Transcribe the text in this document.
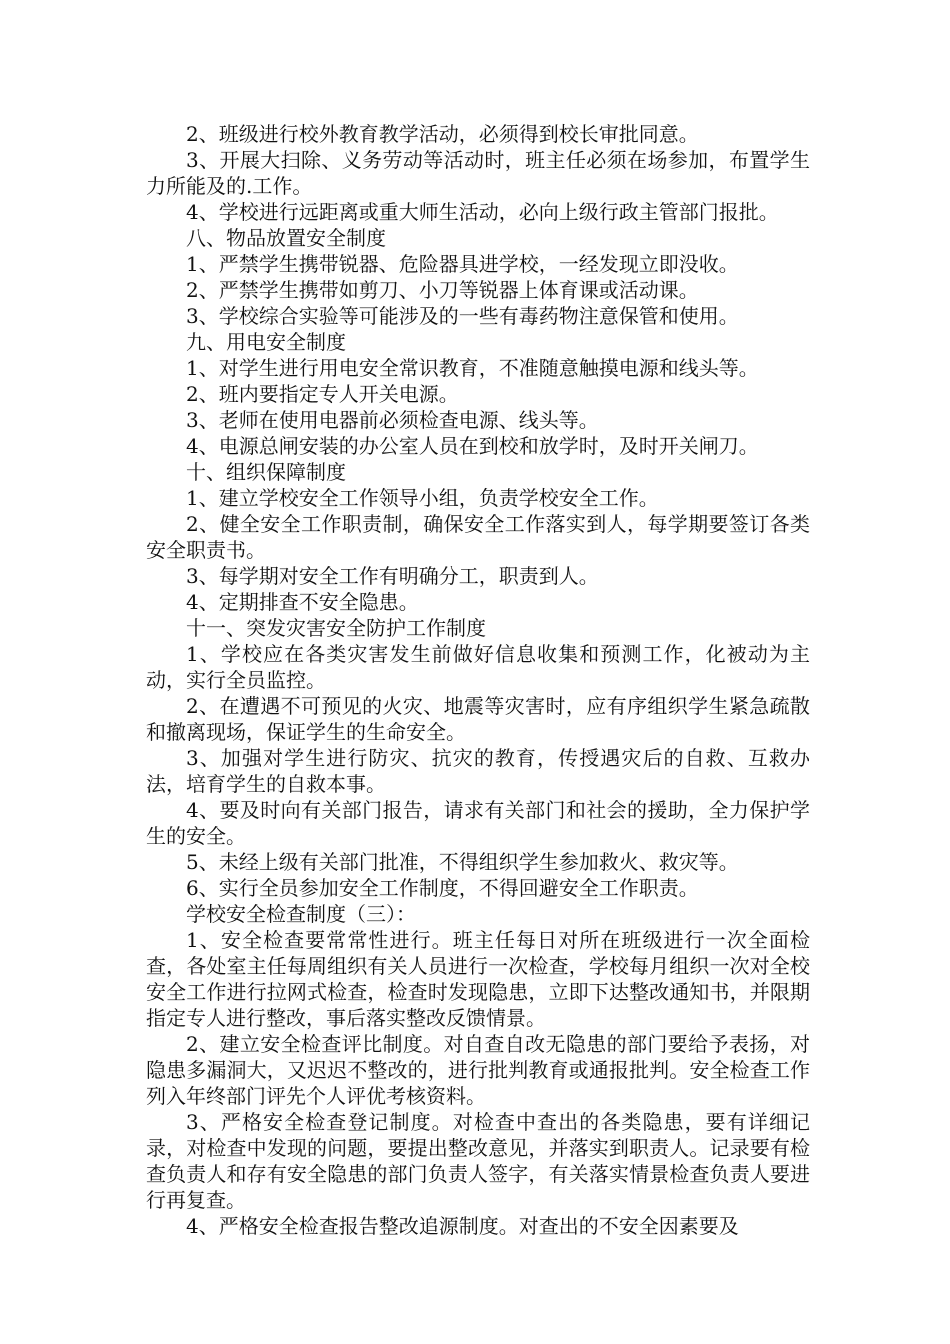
2、班级进行校外教育教学活动，必须得到校长审批同意。

3、开展大扫除、义务劳动等活动时，班主任必须在场参加，布置学生力所能及的.工作。

4、学校进行远距离或重大师生活动，必向上级行政主管部门报批。

八、物品放置安全制度

1、严禁学生携带锐器、危险器具进学校，一经发现立即没收。

2、严禁学生携带如剪刀、小刀等锐器上体育课或活动课。

3、学校综合实验等可能涉及的一些有毒药物注意保管和使用。

九、用电安全制度

1、对学生进行用电安全常识教育，不准随意触摸电源和线头等。

2、班内要指定专人开关电源。

3、老师在使用电器前必须检查电源、线头等。

4、电源总闸安装的办公室人员在到校和放学时，及时开关闸刀。

十、组织保障制度

1、建立学校安全工作领导小组，负责学校安全工作。

2、健全安全工作职责制，确保安全工作落实到人，每学期要签订各类安全职责书。

3、每学期对安全工作有明确分工，职责到人。

4、定期排查不安全隐患。

十一、突发灾害安全防护工作制度

1、学校应在各类灾害发生前做好信息收集和预测工作，化被动为主动，实行全员监控。

2、在遭遇不可预见的火灾、地震等灾害时，应有序组织学生紧急疏散和撤离现场，保证学生的生命安全。

3、加强对学生进行防灾、抗灾的教育，传授遇灾后的自救、互救办法，培育学生的自救本事。

4、要及时向有关部门报告，请求有关部门和社会的援助，全力保护学生的安全。

5、未经上级有关部门批准，不得组织学生参加救火、救灾等。

6、实行全员参加安全工作制度，不得回避安全工作职责。

学校安全检查制度（三）：

1、安全检查要常常性进行。班主任每日对所在班级进行一次全面检查，各处室主任每周组织有关人员进行一次检查，学校每月组织一次对全校安全工作进行拉网式检查，检查时发现隐患，立即下达整改通知书，并限期指定专人进行整改，事后落实整改反馈情景。

2、建立安全检查评比制度。对自查自改无隐患的部门要给予表扬，对隐患多漏洞大，又迟迟不整改的，进行批判教育或通报批判。安全检查工作列入年终部门评先个人评优考核资料。

3、严格安全检查登记制度。对检查中查出的各类隐患，要有详细记录，对检查中发现的问题，要提出整改意见，并落实到职责人。记录要有检查负责人和存有安全隐患的部门负责人签字，有关落实情景检查负责人要进行再复查。

4、严格安全检查报告整改追源制度。对查出的不安全因素要及
